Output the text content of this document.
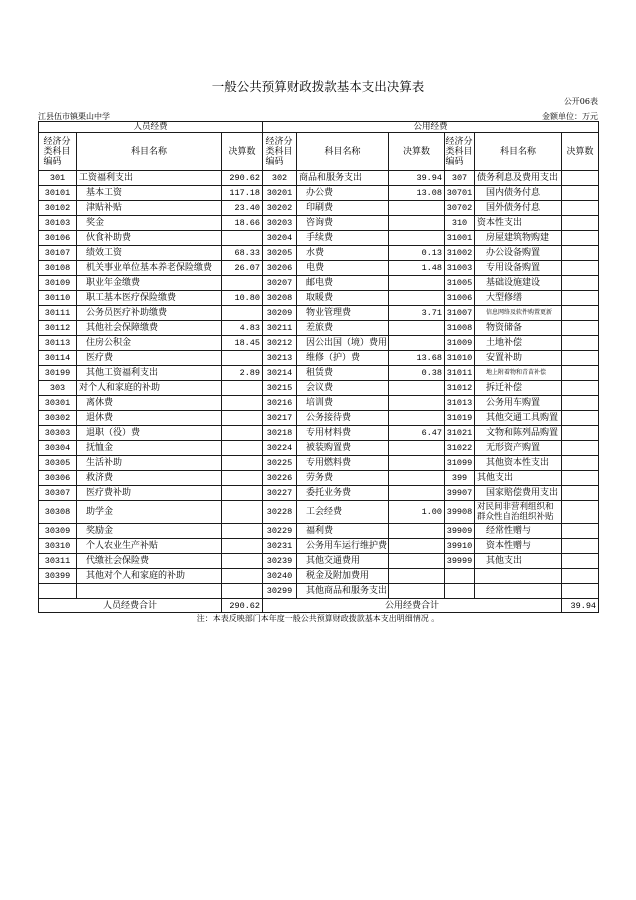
一般公共预算财政拨款基本支出决算表
公开06表
江县伍市镇栗山中学	金额单位：万元
人员经费			公用经费					
经济分类科目编码	科目名称	决算数	经济分类科目编码	科目名称	决算数	经济分类科目编码	科目名称	决算数
301	工资福利支出	290.62	302	商品和服务支出	39.94	307	债务利息及费用支出	
30101	基本工资	117.18	30201	办公费	13.08	30701	国内债务付息	
30102	津贴补贴	23.40	30202	印刷费		30702	国外债务付息	
30103	奖金	18.66	30203	咨询费		310	资本性支出	
30106	伙食补助费		30204	手续费		31001	房屋建筑物购建	
30107	绩效工资	68.33	30205	水费	0.13	31002	办公设备购置	
30108	机关事业单位基本养老保险缴费	26.07	30206	电费	1.48	31003	专用设备购置	
30109	职业年金缴费		30207	邮电费		31005	基础设施建设	
30110	职工基本医疗保险缴费	10.80	30208	取暖费		31006	大型修缮	
30111	公务员医疗补助缴费		30209	物业管理费	3.71	31007	信息网络及软件购置更新	
30112	其他社会保障缴费	4.83	30211	差旅费		31008	物资储备	
30113	住房公积金	18.45	30212	因公出国（境）费用		31009	土地补偿	
30114	医疗费		30213	维修（护）费	13.68	31010	安置补助	
30199	其他工资福利支出	2.89	30214	租赁费	0.38	31011	地上附着物和青苗补偿	
303	对个人和家庭的补助		30215	会议费		31012	拆迁补偿	
30301	离休费		30216	培训费		31013	公务用车购置	
30302	退休费		30217	公务接待费		31019	其他交通工具购置	
30303	退职（役）费		30218	专用材料费	6.47	31021	文物和陈列品购置	
30304	抚恤金		30224	被装购置费		31022	无形资产购置	
30305	生活补助		30225	专用燃料费		31099	其他资本性支出	
30306	救济费		30226	劳务费		399	其他支出	
30307	医疗费补助		30227	委托业务费		39907	国家赔偿费用支出	
30308	助学金		30228	工会经费	1.00	39908	对民间非营利组织和群众性自治组织补贴	
30309	奖励金		30229	福利费		39909	经常性赠与	
30310	个人农业生产补贴		30231	公务用车运行维护费		39910	资本性赠与	
30311	代缴社会保险费		30239	其他交通费用		39999	其他支出	
30399	其他对个人和家庭的补助		30240	税金及附加费用				
			30299	其他商品和服务支出				
人员经费合计		290.62	公用经费合计					39.94
注：本表反映部门本年度一般公共预算财政拨款基本支出明细情况 。
